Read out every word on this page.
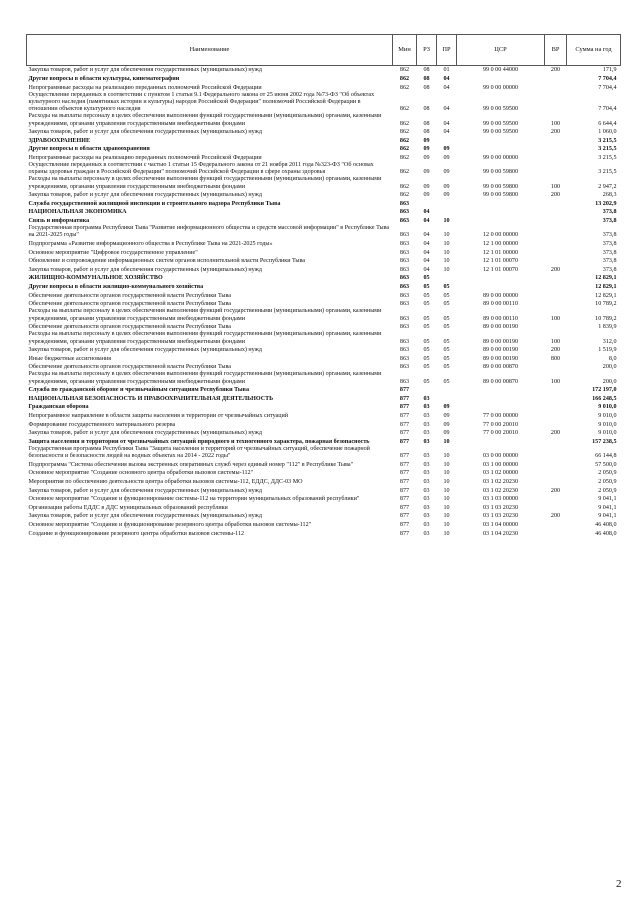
Наименование	Мин	РЗ	ПР	ЦСР	ВР	Сумма на год
Закупка товаров, работ и услуг для обеспечения государственных (муниципальных) нужд	862	08	01	99 0 00 44000	200	171,9
Другие вопросы в области культуры, кинематографии	862	08	04			7 704,4
Непрограммные расходы на реализацию переданных полномочий Российской Федерации	862	08	04	99 0 00 00000		7 704,4
Осуществление переданных в соответствии с пунктом 1 статьи 9.1 Федерального закона от 25 июня 2002 года №73-ФЗ "Об объектах культурного наследия (памятниках истории и культуры) народов Российской Федерации" полномочий Российской Федерации в отношении объектов культурного наследия	862	08	04	99 0 00 59500		7 704,4
Расходы на выплаты персоналу в целях обеспечения выполнения функций государственными (муниципальными) органами, казенными учреждениями, органами управления государственными внебюджетными фондами	862	08	04	99 0 00 59500	100	6 644,4
Закупка товаров, работ и услуг для обеспечения государственных (муниципальных) нужд	862	08	04	99 0 00 59500	200	1 060,0
ЗДРАВООХРАНЕНИЕ	862	09				3 215,5
Другие вопросы в области здравоохранения	862	09	09			3 215,5
Непрограммные расходы на реализацию переданных полномочий Российской Федерации	862	09	09	99 0 00 00000		3 215,5
Осуществление переданных в соответствии с частью 1 статьи 15 Федерального закона от 21 ноября 2011 года №323-ФЗ "Об основах охраны здоровья граждан в Российской Федерации" полномочий Российской Федерации в сфере охраны здоровья	862	09	09	99 0 00 59800		3 215,5
Расходы на выплаты персоналу в целях обеспечения выполнения функций государственными (муниципальными) органами, казенными учреждениями, органами управления государственными внебюджетными фондами	862	09	09	99 0 00 59800	100	2 947,2
Закупка товаров, работ и услуг для обеспечения государственных (муниципальных) нужд	862	09	09	99 0 00 59800	200	268,3
Служба государственной жилищной инспекции и строительного надзора Республики Тыва	863					13 202,9
НАЦИОНАЛЬНАЯ ЭКОНОМИКА	863	04				373,8
Связь и информатика	863	04	10			373,8
Государственная программа Республики Тыва "Развитие информационного общества и средств массовой информации" в Республике Тыва на 2021-2025 годы"	863	04	10	12 0 00 00000		373,8
Подпрограмма «Развитие информационного общества в Республике Тыва на 2021-2025 годы»	863	04	10	12 1 00 00000		373,8
Основное мероприятие "Цифровое государственное управление"	863	04	10	12 1 01 00000		373,8
Обновление и сопровождение информационных систем органов исполнительной власти Республики Тыва	863	04	10	12 1 01 00070		373,8
Закупка товаров, работ и услуг для обеспечения государственных (муниципальных) нужд	863	04	10	12 1 01 00070	200	373,8
ЖИЛИЩНО-КОММУНАЛЬНОЕ ХОЗЯЙСТВО	863	05				12 829,1
Другие вопросы в области жилищно-коммунального хозяйства	863	05	05			12 829,1
Обеспечение деятельности органов государственной власти Республики Тыва	863	05	05	89 0 00 00000		12 829,1
Обеспечение деятельности органов государственной власти Республики Тыва	863	05	05	89 0 00 00110		10 789,2
Расходы на выплаты персоналу в целях обеспечения выполнения функций государственными (муниципальными) органами, казенными учреждениями, органами управления государственными внебюджетными фондами	863	05	05	89 0 00 00110	100	10 789,2
Обеспечение деятельности органов государственной власти Республики Тыва	863	05	05	89 0 00 00190		1 839,9
Расходы на выплаты персоналу в целях обеспечения выполнения функций государственными (муниципальными) органами, казенными учреждениями, органами управления государственными внебюджетными фондами	863	05	05	89 0 00 00190	100	312,0
Закупка товаров, работ и услуг для обеспечения государственных (муниципальных) нужд	863	05	05	89 0 00 00190	200	1 519,9
Иные бюджетные ассигнования	863	05	05	89 0 00 00190	800	8,0
Обеспечение деятельности органов государственной власти Республики Тыва	863	05	05	89 0 00 00870		200,0
Расходы на выплаты персоналу в целях обеспечения выполнения функций государственными (муниципальными) органами, казенными учреждениями, органами управления государственными внебюджетными фондами	863	05	05	89 0 00 00870	100	200,0
Служба по гражданской обороне и чрезвычайным ситуациям Республики Тыва	877					172 197,0
НАЦИОНАЛЬНАЯ БЕЗОПАСНОСТЬ И ПРАВООХРАНИТЕЛЬНАЯ ДЕЯТЕЛЬНОСТЬ	877	03				166 248,5
Гражданская оборона	877	03	09			9 010,0
Непрограммное направление в области защиты населения и территории от чрезвычайных ситуаций	877	03	09	77 0 00 00000		9 010,0
Формирование государственного материального резерва	877	03	09	77 0 00 20010		9 010,0
Закупка товаров, работ и услуг для обеспечения государственных (муниципальных) нужд	877	03	09	77 0 00 20010	200	9 010,0
Защита населения и территории от чрезвычайных ситуаций природного и техногенного характера, пожарная безопасность	877	03	10			157 238,5
Государственная программа Республики Тыва "Защита населения и территорий от чрезвычайных ситуаций, обеспечение пожарной безопасности и безопасности людей на водных объектах на 2014 - 2022 годы"	877	03	10	03 0 00 00000		66 144,8
Подпрограмма "Система обеспечения вызова экстренных оперативных служб через единый номер "112" в Республике Тыва"	877	03	10	03 1 00 00000		57 500,0
Основное мероприятие "Создание основного центра обработки вызовов системы-112"	877	03	10	03 1 02 00000		2 050,9
Мероприятия по обеспечению деятельности центра обработки вызовов системы-112, ЕДДС, ДДС-03 МО	877	03	10	03 1 02 20230		2 050,9
Закупка товаров, работ и услуг для обеспечения государственных (муниципальных) нужд	877	03	10	03 1 02 20230	200	2 050,9
Основное мероприятие "Создание и функционирование системы-112 на территории муниципальных образований республики"	877	03	10	03 1 03 00000		9 041,1
Организация работы ЕДДС в ДДС муниципальных образований республики	877	03	10	03 1 03 20230		9 041,1
Закупка товаров, работ и услуг для обеспечения государственных (муниципальных) нужд	877	03	10	03 1 03 20230	200	9 041,1
Основное мероприятие "Создание и функционирование резервного центра обработки вызовов системы-112"	877	03	10	03 1 04 00000		46 408,0
Создание и функционирование резервного центра обработки вызовов системы-112	877	03	10	03 1 04 20230		46 408,0
2
